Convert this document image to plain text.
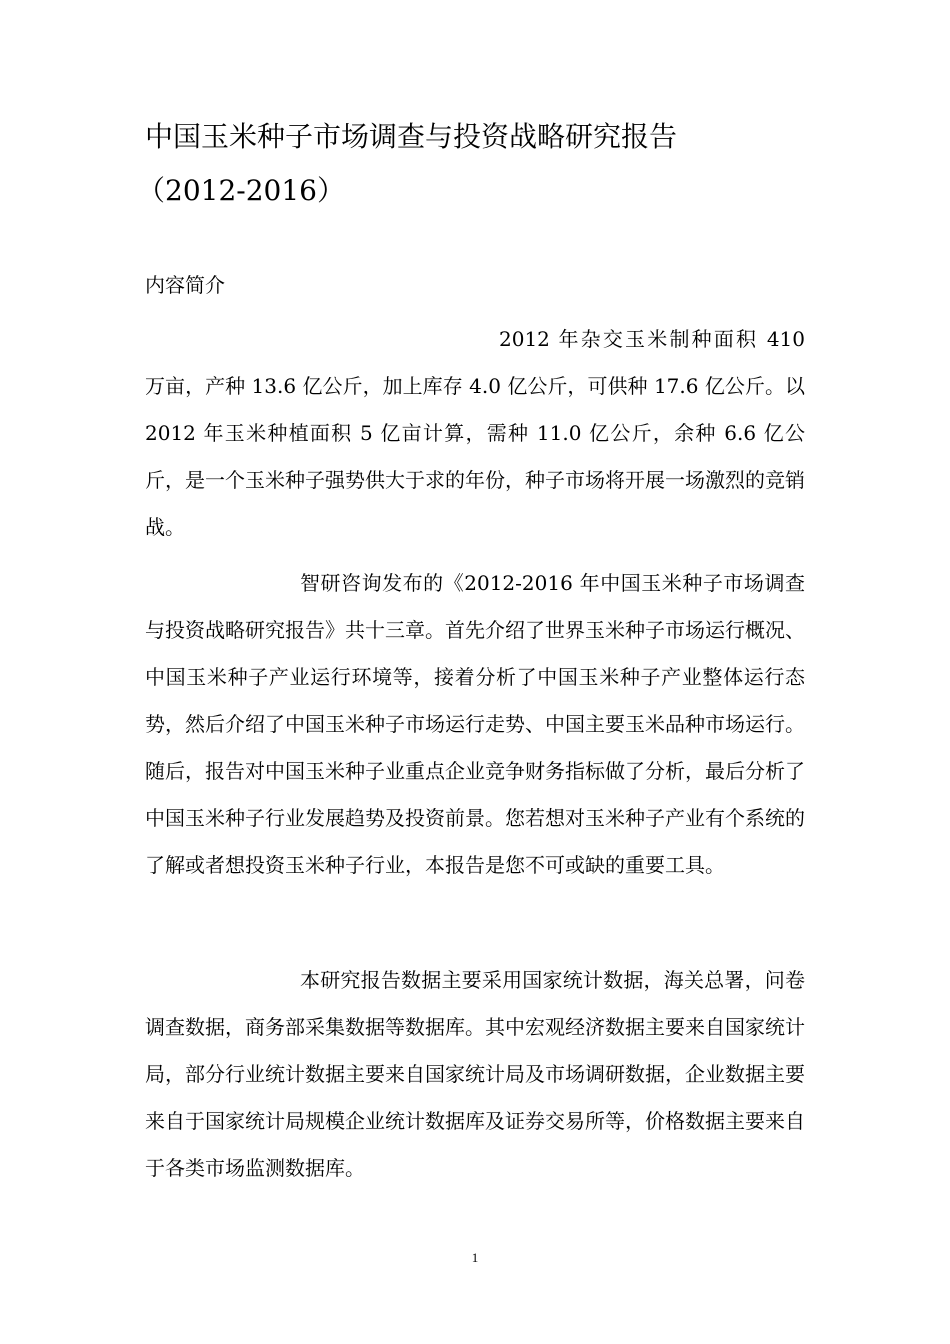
中国玉米种子市场调查与投资战略研究报告
（2012-2016）
内容简介

2012 年杂交玉米制种面积 410 万亩，产种 13.6 亿公斤，加上库存 4.0 亿公斤，可供种 17.6 亿公斤。以 2012 年玉米种植面积 5 亿亩计算，需种 11.0 亿公斤，余种 6.6 亿公斤，是一个玉米种子强势供大于求的年份，种子市场将开展一场激烈的竞销战。

智研咨询发布的《2012-2016 年中国玉米种子市场调查与投资战略研究报告》共十三章。首先介绍了世界玉米种子市场运行概况、中国玉米种子产业运行环境等，接着分析了中国玉米种子产业整体运行态势，然后介绍了中国玉米种子市场运行走势、中国主要玉米品种市场运行。随后，报告对中国玉米种子业重点企业竞争财务指标做了分析，最后分析了中国玉米种子行业发展趋势及投资前景。您若想对玉米种子产业有个系统的了解或者想投资玉米种子行业，本报告是您不可或缺的重要工具。

本研究报告数据主要采用国家统计数据，海关总署，问卷调查数据，商务部采集数据等数据库。其中宏观经济数据主要来自国家统计局，部分行业统计数据主要来自国家统计局及市场调研数据，企业数据主要来自于国家统计局规模企业统计数据库及证券交易所等，价格数据主要来自于各类市场监测数据库。

1
